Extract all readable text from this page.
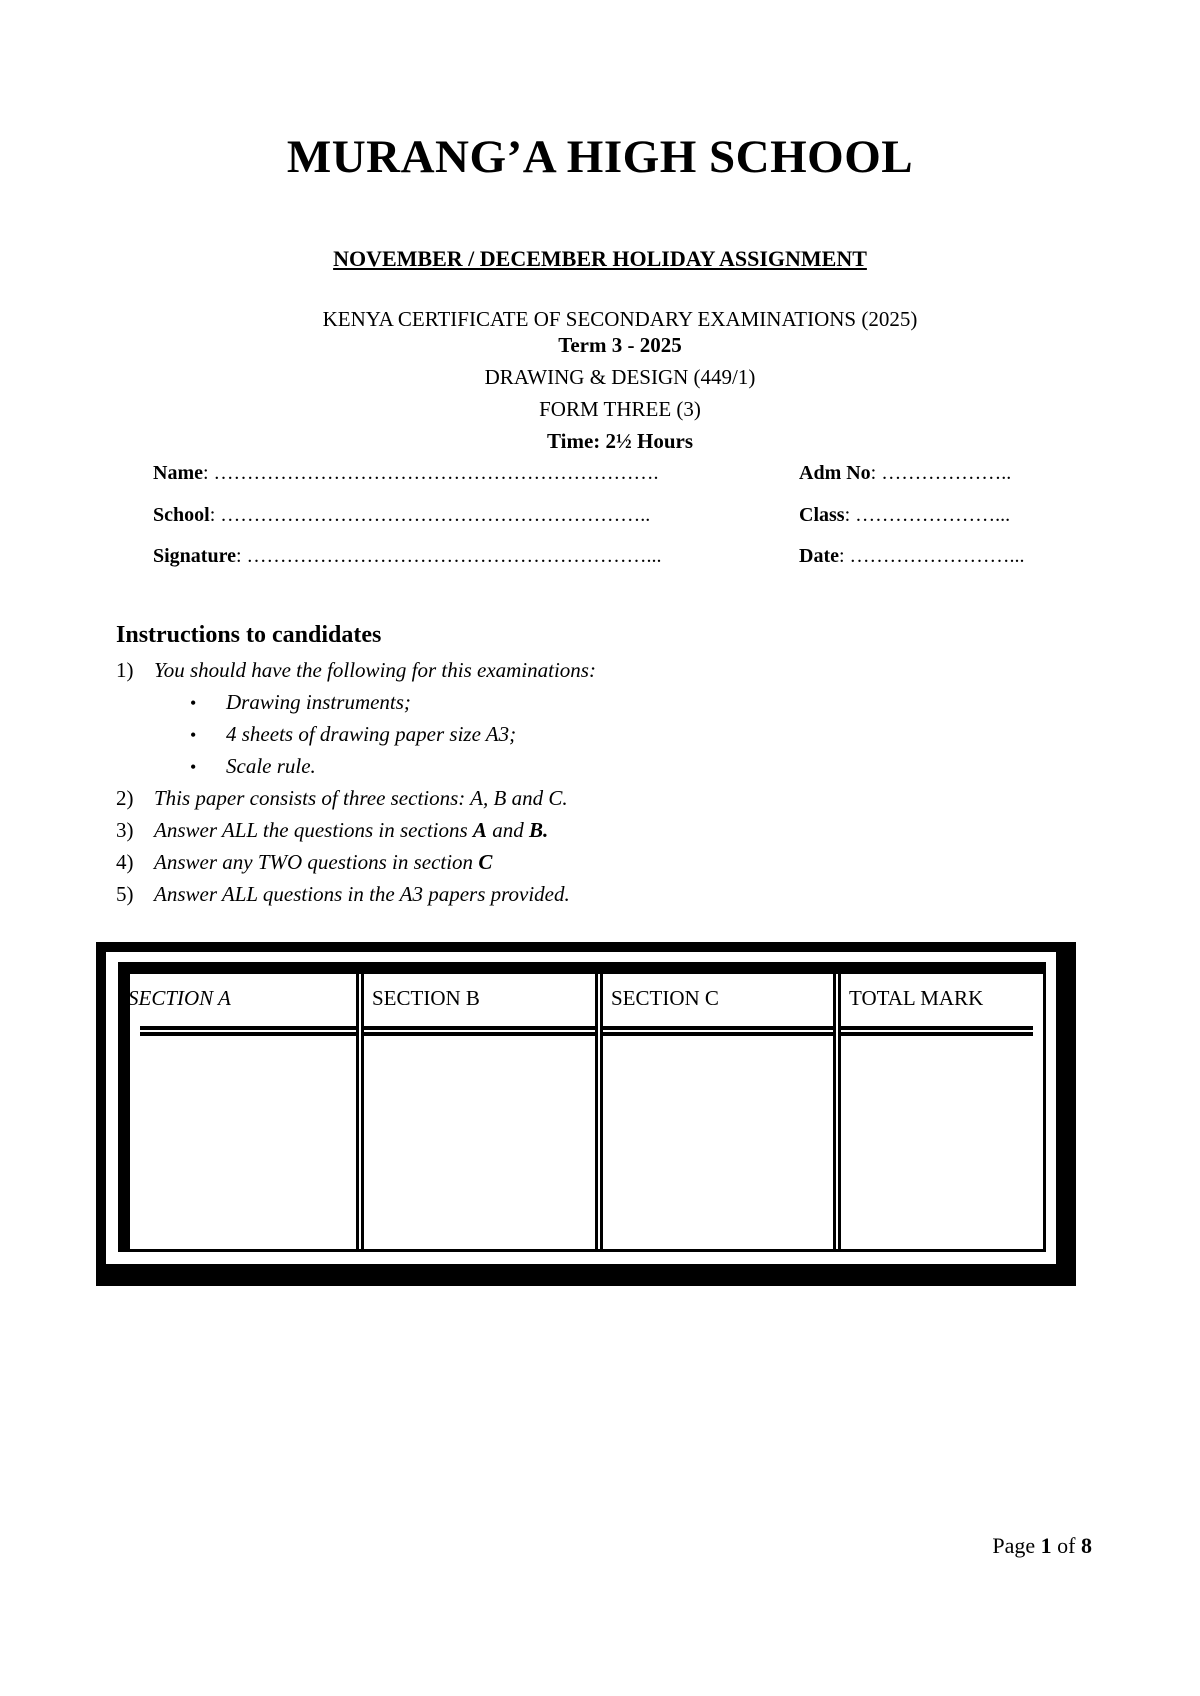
MURANG’A HIGH SCHOOL
NOVEMBER / DECEMBER HOLIDAY ASSIGNMENT
KENYA CERTIFICATE OF SECONDARY EXAMINATIONS (2025)
Term 3 - 2025
DRAWING & DESIGN (449/1)
FORM THREE (3)
Time: 2½ Hours
Name: ………………………………………………………….	Adm No: ………………..
School: ………………………………………………………..	Class: …………………...
Signature: ……………………………………………………...	Date: ……………………...
Instructions to candidates
1) You should have the following for this examinations:
• Drawing instruments;
• 4 sheets of drawing paper size A3;
• Scale rule.
2) This paper consists of three sections: A, B and C.
3) Answer ALL the questions in sections A and B.
4) Answer any TWO questions in section C
5) Answer ALL questions in the A3 papers provided.
SECTION A	SECTION B	SECTION C	TOTAL MARK
Page 1 of 8
